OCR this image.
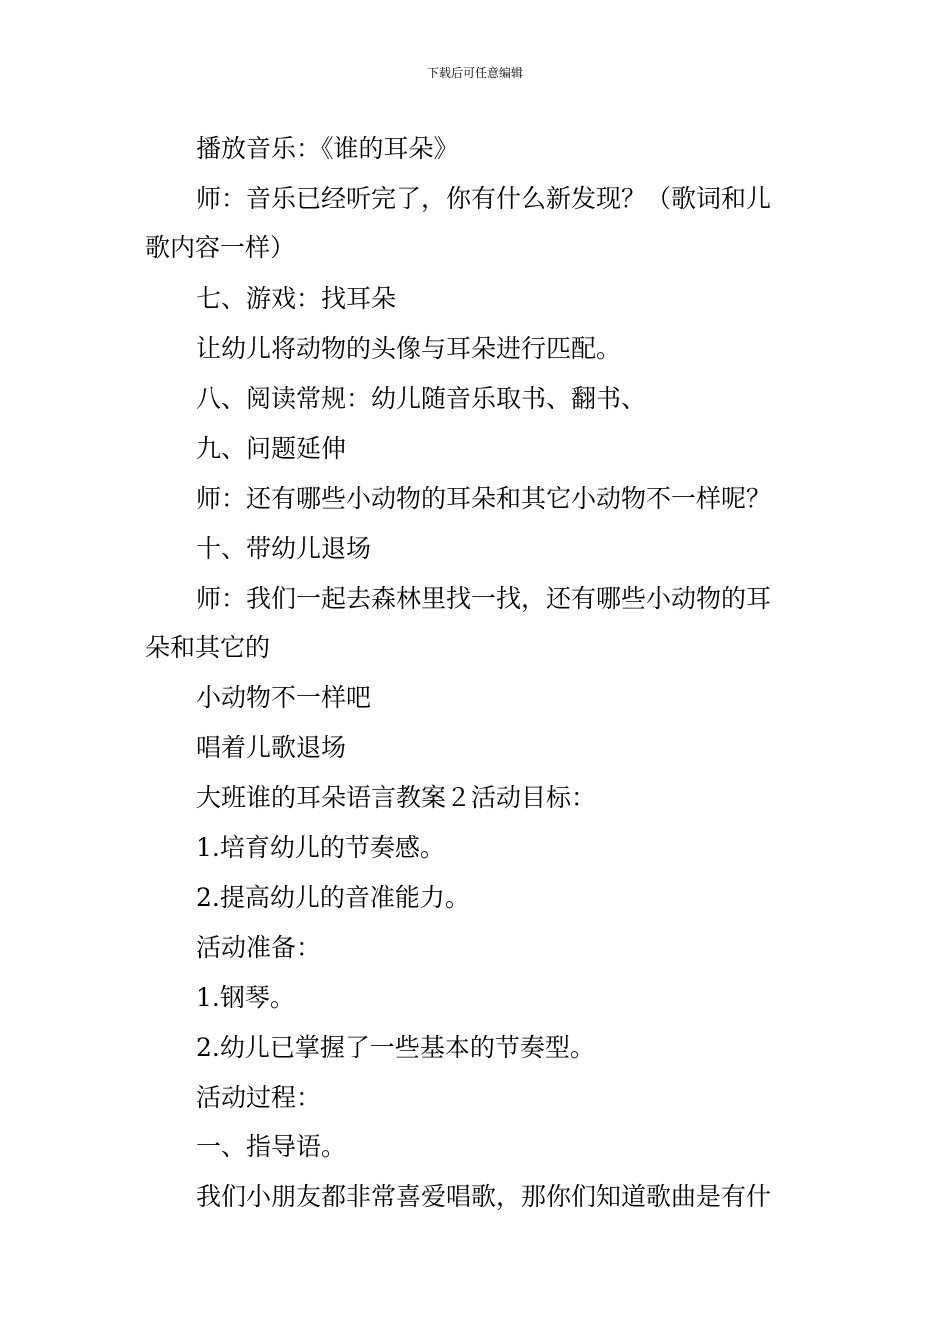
下载后可任意编辑
播放音乐：《谁的耳朵》
师：音乐已经听完了，你有什么新发现？（歌词和儿
歌内容一样）
七、游戏：找耳朵
让幼儿将动物的头像与耳朵进行匹配。
八、阅读常规：幼儿随音乐取书、翻书、
九、问题延伸
师：还有哪些小动物的耳朵和其它小动物不一样呢？
十、带幼儿退场
师：我们一起去森林里找一找，还有哪些小动物的耳
朵和其它的
小动物不一样吧
唱着儿歌退场
大班谁的耳朵语言教案２活动目标：
1.培育幼儿的节奏感。
2.提高幼儿的音准能力。
活动准备：
1.钢琴。
2.幼儿已掌握了一些基本的节奏型。
活动过程：
一、指导语。
我们小朋友都非常喜爱唱歌，那你们知道歌曲是有什
